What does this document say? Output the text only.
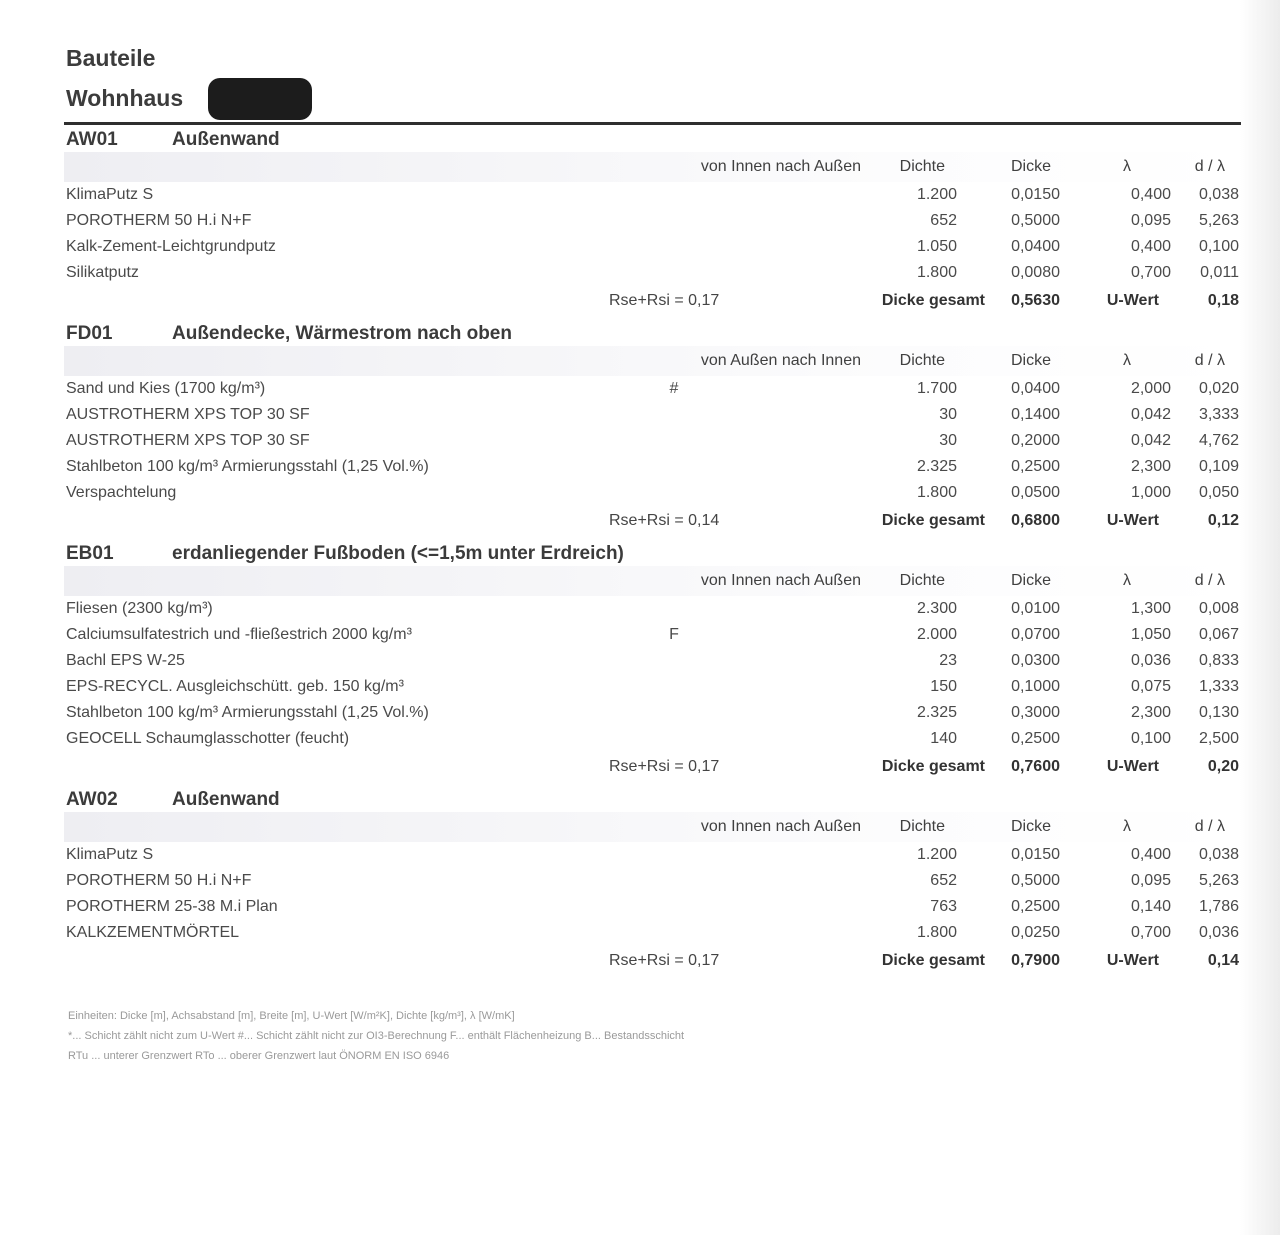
Bauteile
Wohnhaus
AW01	Außenwand
von Innen nach Außen Dichte	Dicke	λ	d / λ
KlimaPutz S	1.200	0,0150	0,400 0,038
POROTHERM 50 H.i N+F	652	0,5000	0,095 5,263
Kalk-Zement-Leichtgrundputz	1.050	0,0400	0,400 0,100
Silikatputz	1.800	0,0080	0,700 0,011
Rse+Rsi = 0,17	Dicke gesamt 0,5630	U-Wert	0,18
FD01	Außendecke, Wärmestrom nach oben
von Außen nach Innen Dichte	Dicke	λ	d / λ
Sand und Kies (1700 kg/m³)	#	1.700	0,0400	2,000 0,020
AUSTROTHERM XPS TOP 30 SF	30	0,1400	0,042 3,333
AUSTROTHERM XPS TOP 30 SF	30	0,2000	0,042 4,762
Stahlbeton 100 kg/m³ Armierungsstahl (1,25 Vol.%)	2.325	0,2500	2,300 0,109
Verspachtelung	1.800	0,0500	1,000 0,050
Rse+Rsi = 0,14	Dicke gesamt 0,6800	U-Wert	0,12
EB01	erdanliegender Fußboden (<=1,5m unter Erdreich)
von Innen nach Außen Dichte	Dicke	λ	d / λ
Fliesen (2300 kg/m³)	2.300	0,0100	1,300 0,008
Calciumsulfatestrich und -fließestrich 2000 kg/m³	F	2.000	0,0700	1,050 0,067
Bachl EPS W-25	23	0,0300	0,036 0,833
EPS-RECYCL. Ausgleichschütt. geb. 150 kg/m³	150	0,1000	0,075 1,333
Stahlbeton 100 kg/m³ Armierungsstahl (1,25 Vol.%)	2.325	0,3000	2,300 0,130
GEOCELL Schaumglasschotter (feucht)	140	0,2500	0,100 2,500
Rse+Rsi = 0,17	Dicke gesamt 0,7600	U-Wert	0,20
AW02	Außenwand
von Innen nach Außen Dichte	Dicke	λ	d / λ
KlimaPutz S	1.200	0,0150	0,400 0,038
POROTHERM 50 H.i N+F	652	0,5000	0,095 5,263
POROTHERM 25-38 M.i Plan	763	0,2500	0,140 1,786
KALKZEMENTMÖRTEL	1.800	0,0250	0,700 0,036
Rse+Rsi = 0,17	Dicke gesamt 0,7900	U-Wert	0,14
Einheiten: Dicke [m], Achsabstand [m], Breite [m], U-Wert [W/m²K], Dichte [kg/m³], λ [W/mK]
*... Schicht zählt nicht zum U-Wert #... Schicht zählt nicht zur OI3-Berechnung F... enthält Flächenheizung B... Bestandsschicht
RTu ... unterer Grenzwert RTo ... oberer Grenzwert laut ÖNORM EN ISO 6946
